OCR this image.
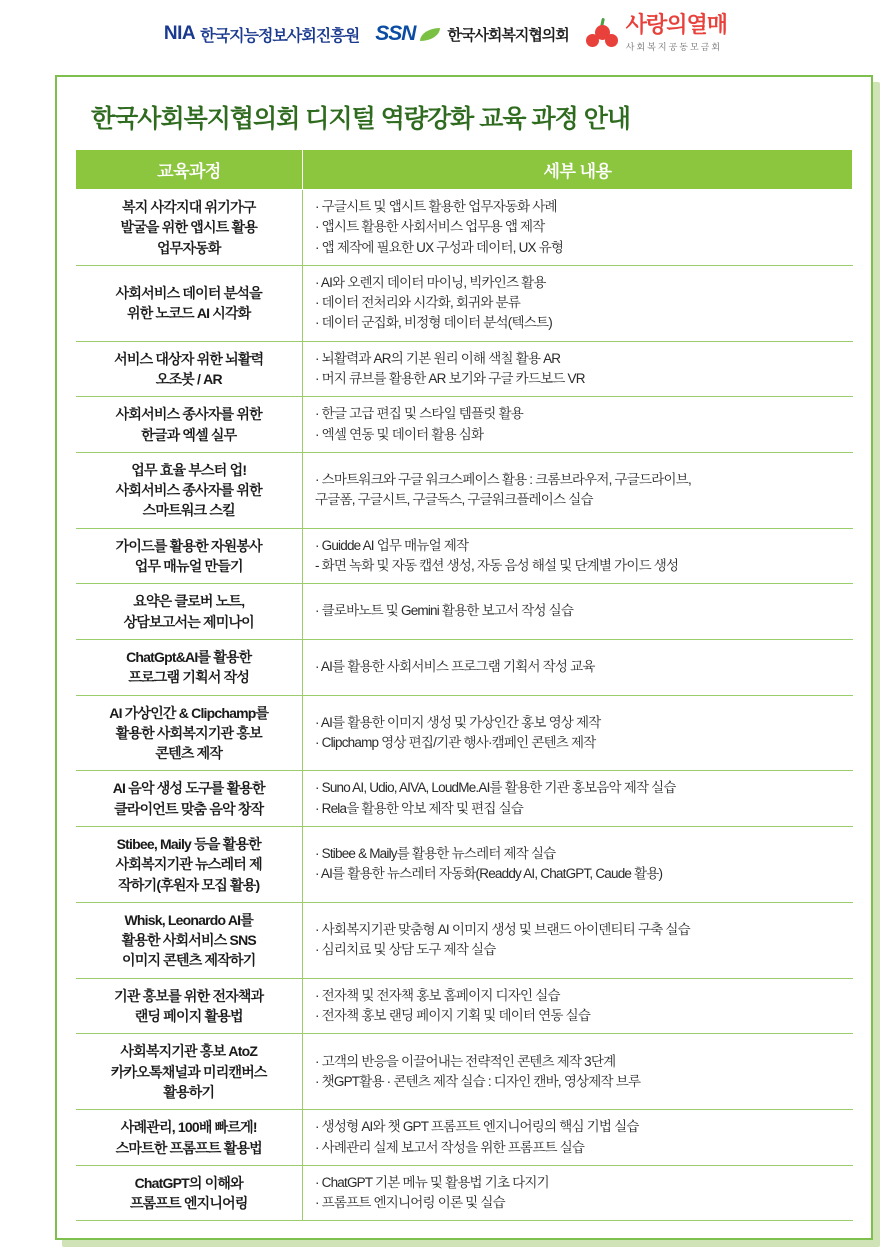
NIA 한국지능정보사회진흥원 SSN 한국사회복지협의회	사랑의열매
사회복지공동모금회
한국사회복지협의회 디지털 역량강화 교육 과정 안내
교육과정	세부 내용

복지 사각지대 위기가구
발굴을 위한 앱시트 활용
업무자동화	· 구글시트 및 앱시트 활용한 업무자동화 사례
· 앱시트 활용한 사회서비스 업무용 앱 제작
· 앱 제작에 필요한 UX 구성과 데이터, UX 유형

사회서비스 데이터 분석을
위한 노코드 AI 시각화	· AI와 오렌지 데이터 마이닝, 빅카인즈 활용
· 데이터 전처리와 시각화, 회귀와 분류
· 데이터 군집화, 비정형 데이터 분석(텍스트)

서비스 대상자 위한 뇌활력
오조봇 / AR	· 뇌활력과 AR의 기본 원리 이해 색칠 활용 AR
· 머지 큐브를 활용한 AR 보기와 구글 카드보드 VR

사회서비스 종사자를 위한
한글과 엑셀 실무	· 한글 고급 편집 및 스타일 템플릿 활용
· 엑셀 연동 및 데이터 활용 심화

업무 효율 부스터 업!
사회서비스 종사자를 위한
스마트워크 스킬	· 스마트워크와 구글 워크스페이스 활용 : 크롬브라우저, 구글드라이브,
구글폼, 구글시트, 구글독스, 구글워크플레이스 실습

가이드를 활용한 자원봉사
업무 매뉴얼 만들기	· Guidde AI 업무 매뉴얼 제작
- 화면 녹화 및 자동 캡션 생성, 자동 음성 해설 및 단계별 가이드 생성

요약은 클로버 노트,
상담보고서는 제미나이	· 클로바노트 및 Gemini 활용한 보고서 작성 실습

ChatGpt&AI를 활용한
프로그램 기획서 작성	· AI를 활용한 사회서비스 프로그램 기획서 작성 교육

AI 가상인간 & Clipchamp를
활용한 사회복지기관 홍보
콘텐츠 제작	· AI를 활용한 이미지 생성 및 가상인간 홍보 영상 제작
· Clipchamp 영상 편집/기관 행사·캠페인 콘텐츠 제작

AI 음악 생성 도구를 활용한
클라이언트 맞춤 음악 창작	· Suno AI, Udio, AIVA, LoudMe.AI를 활용한 기관 홍보음악 제작 실습
· Rela을 활용한 악보 제작 및 편집 실습

Stibee, Maily 등을 활용한
사회복지기관 뉴스레터 제
작하기(후원자 모집 활용)	· Stibee & Maily를 활용한 뉴스레터 제작 실습
· AI를 활용한 뉴스레터 자동화(Readdy AI, ChatGPT, Caude 활용)

Whisk, Leonardo AI를
활용한 사회서비스 SNS
이미지 콘텐츠 제작하기	· 사회복지기관 맞춤형 AI 이미지 생성 및 브랜드 아이덴티티 구축 실습
· 심리치료 및 상담 도구 제작 실습

기관 홍보를 위한 전자책과
랜딩 페이지 활용법	· 전자책 및 전자책 홍보 홈페이지 디자인 실습
· 전자책 홍보 랜딩 페이지 기획 및 데이터 연동 실습

사회복지기관 홍보 AtoZ
카카오톡채널과 미리캔버스
활용하기	· 고객의 반응을 이끌어내는 전략적인 콘텐츠 제작 3단계
· 챗GPT활용 · 콘텐츠 제작 실습 : 디자인 캔바, 영상제작 브루

사례관리, 100배 빠르게!
스마트한 프롬프트 활용법	· 생성형 AI와 챗 GPT 프롬프트 엔지니어링의 핵심 기법 실습
· 사례관리 실제 보고서 작성을 위한 프롬프트 실습

ChatGPT의 이해와
프롬프트 엔지니어링	· ChatGPT 기본 메뉴 및 활용법 기초 다지기
· 프롬프트 엔지니어링 이론 및 실습
